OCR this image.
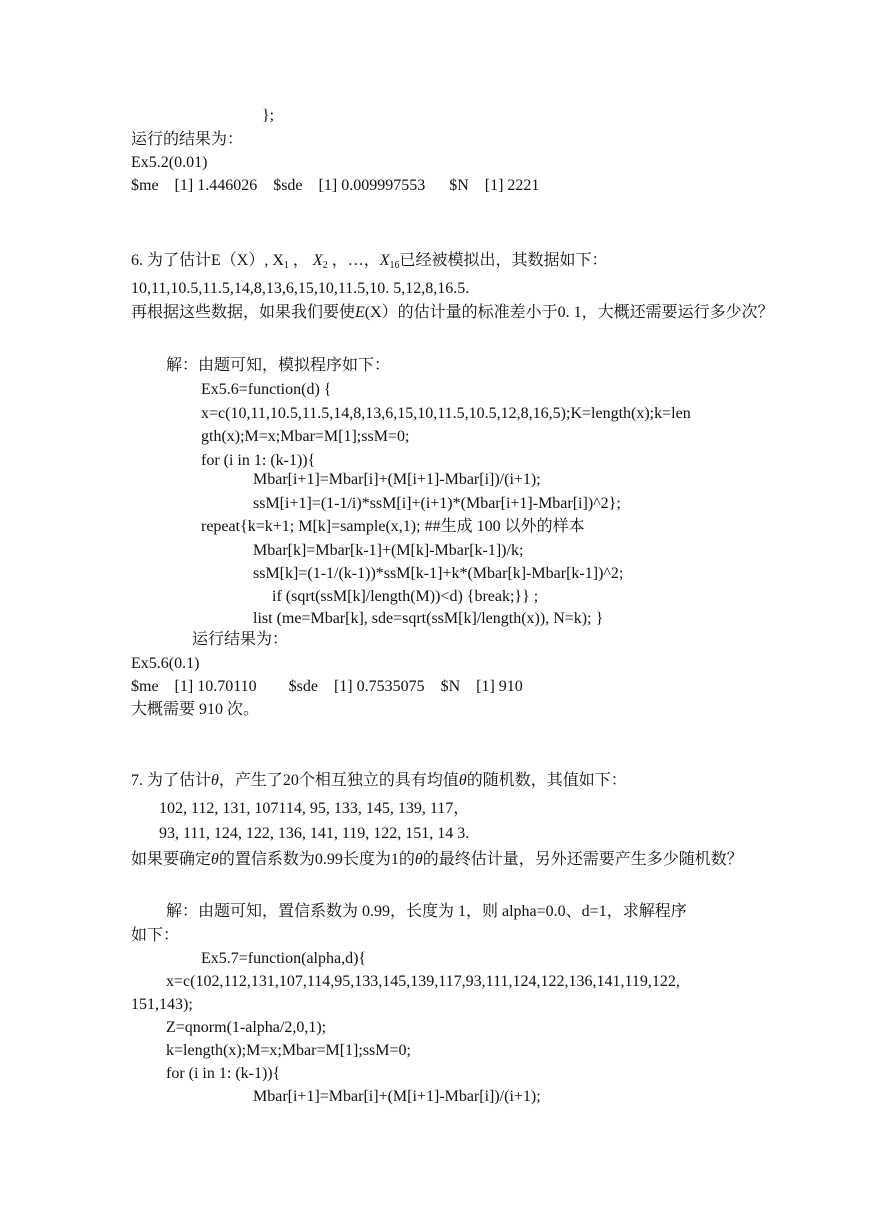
};
运行的结果为：
Ex5.2(0.01)
$me    [1] 1.446026    $sde    [1] 0.009997553      $N    [1] 2221
6. 为了估计E（X）, $X_1$ ， $X_2$ ，…，$X_{16}$已经被模拟出，其数据如下：
10,11,10.5,11.5,14,8,13,6,15,10,11.5,10. 5,12,8,16.5.
再根据这些数据，如果我们要使E(X）的估计量的标准差小于0. 1，大概还需要运行多少次？
解：由题可知，模拟程序如下：
Ex5.6=function(d) {
x=c(10,11,10.5,11.5,14,8,13,6,15,10,11.5,10.5,12,8,16,5);K=length(x);k=len
gth(x);M=x;Mbar=M[1];ssM=0;
for (i in 1: (k-1)){
Mbar[i+1]=Mbar[i]+(M[i+1]-Mbar[i])/(i+1);
ssM[i+1]=(1-1/i)*ssM[i]+(i+1)*(Mbar[i+1]-Mbar[i])^2};
repeat{k=k+1; M[k]=sample(x,1); ##生成 100 以外的样本
Mbar[k]=Mbar[k-1]+(M[k]-Mbar[k-1])/k;
ssM[k]=(1-1/(k-1))*ssM[k-1]+k*(Mbar[k]-Mbar[k-1])^2;
if (sqrt(ssM[k]/length(M))<d) {break;}} ;
list (me=Mbar[k], sde=sqrt(ssM[k]/length(x)), N=k); }
运行结果为：
Ex5.6(0.1)
$me    [1] 10.70110        $sde    [1] 0.7535075    $N    [1] 910
大概需要 910 次。
7. 为了估计θ，产生了20个相互独立的具有均值θ的随机数，其值如下：
102, 112, 131, 107114, 95, 133, 145, 139, 117，
93, 111, 124, 122, 136, 141, 119, 122, 151, 14 3.
如果要确定θ的置信系数为0.99长度为1的θ的最终估计量，另外还需要产生多少随机数？
解：由题可知，置信系数为 0.99，长度为 1，则 alpha=0.0、d=1，求解程序
如下：
Ex5.7=function(alpha,d){
x=c(102,112,131,107,114,95,133,145,139,117,93,111,124,122,136,141,119,122,
151,143);
Z=qnorm(1-alpha/2,0,1);
k=length(x);M=x;Mbar=M[1];ssM=0;
for (i in 1: (k-1)){
Mbar[i+1]=Mbar[i]+(M[i+1]-Mbar[i])/(i+1);
